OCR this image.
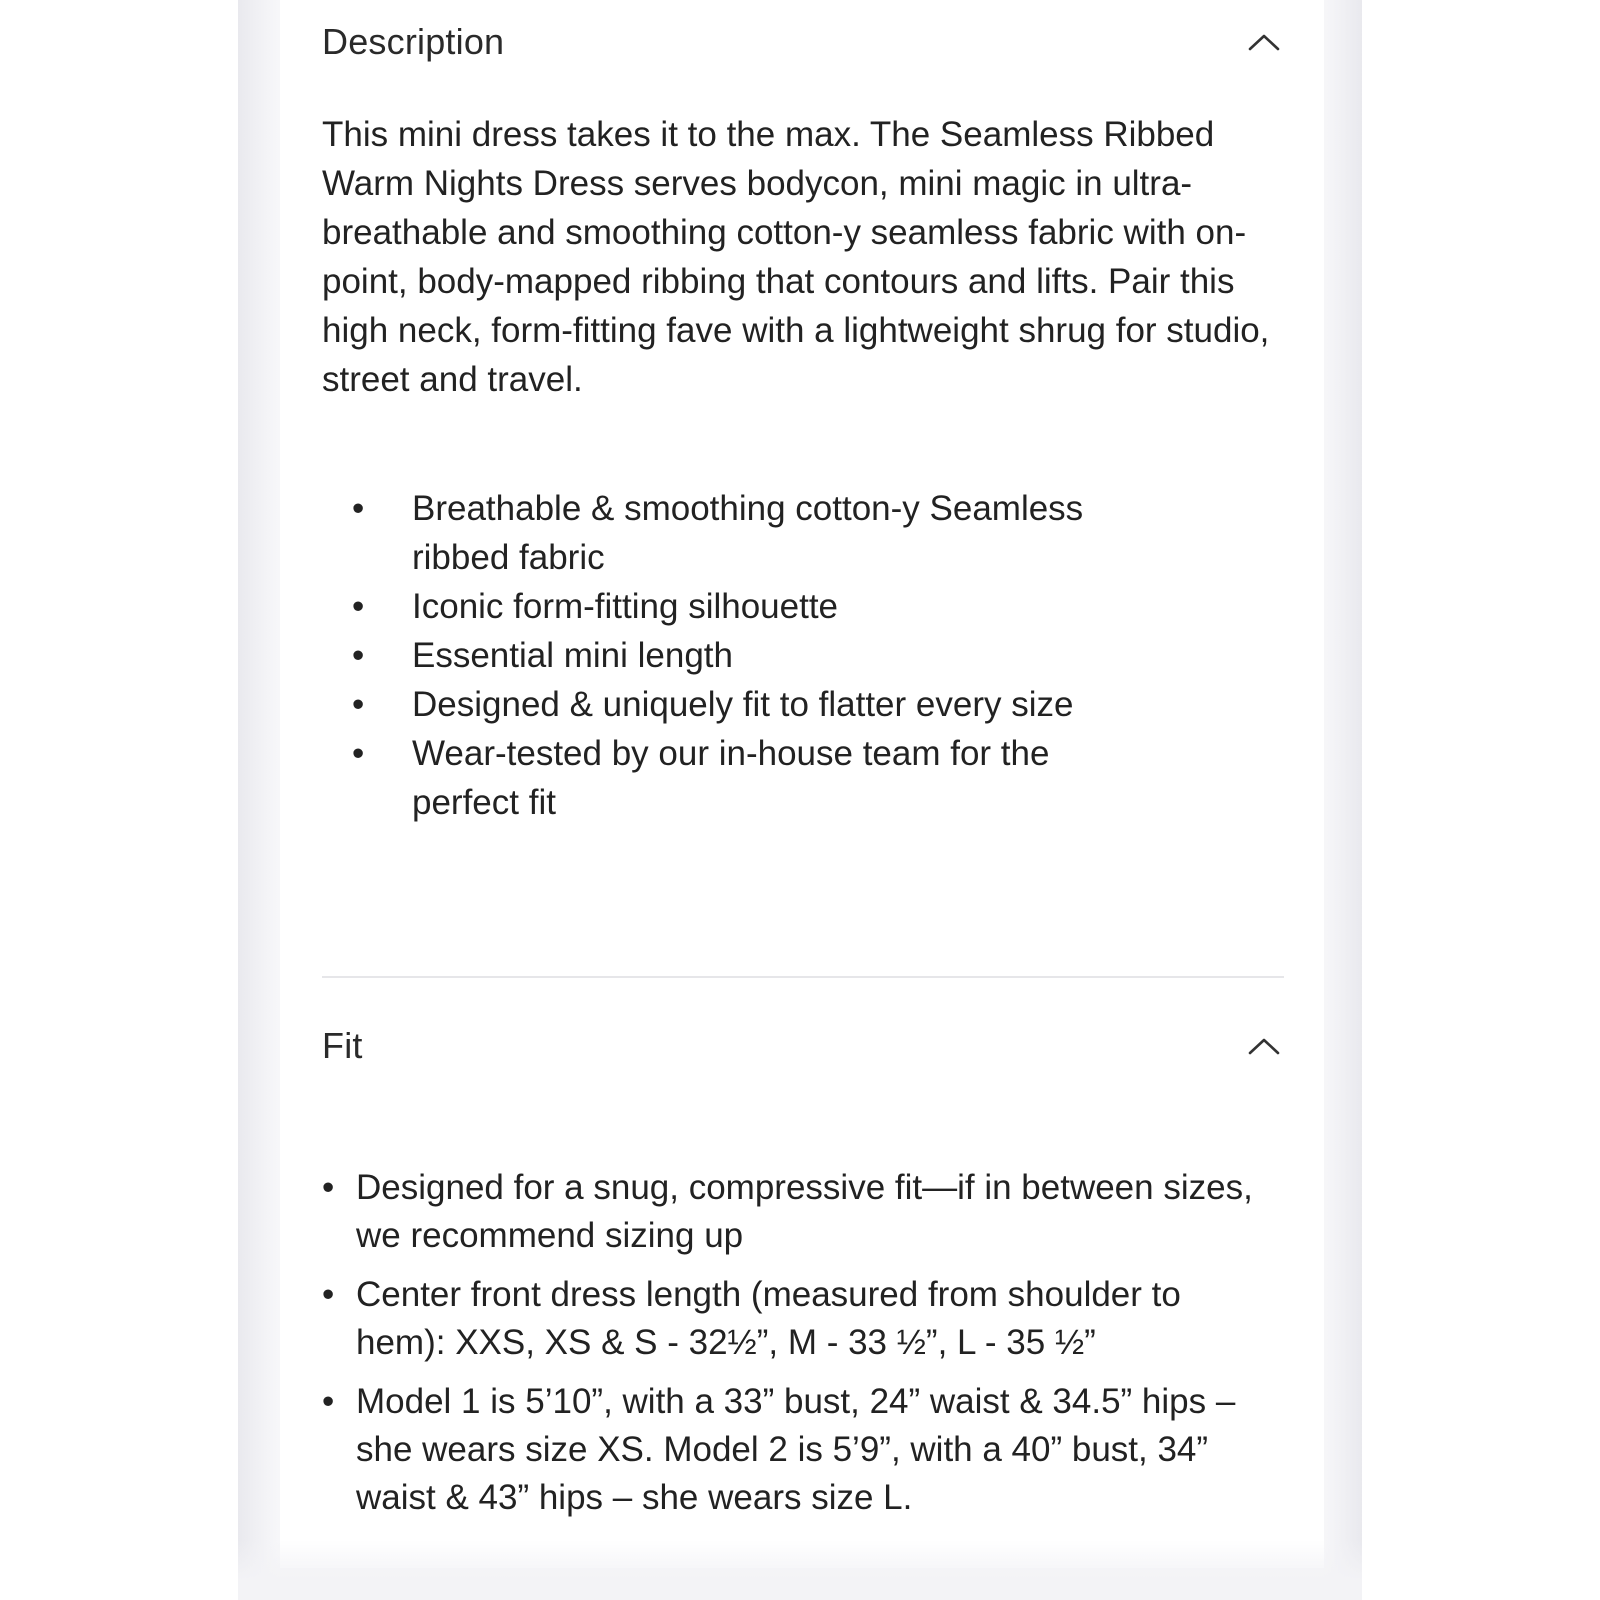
Description

This mini dress takes it to the max. The Seamless Ribbed Warm Nights Dress serves bodycon, mini magic in ultra-breathable and smoothing cotton-y seamless fabric with on-point, body-mapped ribbing that contours and lifts. Pair this high neck, form-fitting fave with a lightweight shrug for studio, street and travel.

• Breathable & smoothing cotton-y Seamless ribbed fabric
• Iconic form-fitting silhouette
• Essential mini length
• Designed & uniquely fit to flatter every size
• Wear-tested by our in-house team for the perfect fit
Fit
• Designed for a snug, compressive fit—if in between sizes, we recommend sizing up
• Center front dress length (measured from shoulder to hem): XXS, XS & S - 32½”, M - 33 ½”, L - 35 ½”
• Model 1 is 5’10”, with a 33” bust, 24” waist & 34.5” hips – she wears size XS. Model 2 is 5’9”, with a 40” bust, 34” waist & 43” hips – she wears size L.
